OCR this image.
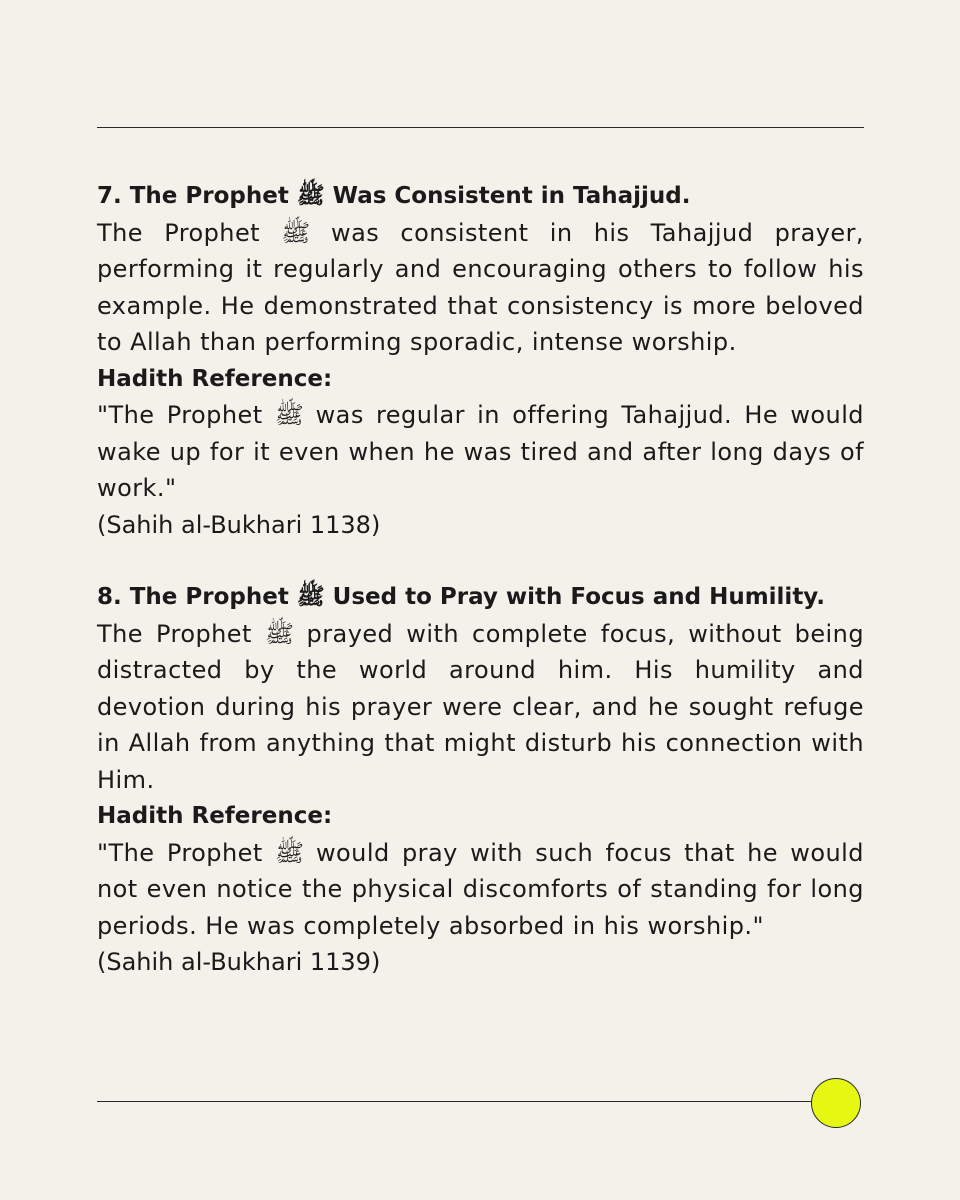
7. The Prophet ﷺ Was Consistent in Tahajjud.

The Prophet ﷺ was consistent in his Tahajjud prayer, performing it regularly and encouraging others to follow his example. He demonstrated that consistency is more beloved to Allah than performing sporadic, intense worship.

Hadith Reference:

"The Prophet ﷺ was regular in offering Tahajjud. He would wake up for it even when he was tired and after long days of work."

(Sahih al-Bukhari 1138)

8. The Prophet ﷺ Used to Pray with Focus and Humility.

The Prophet ﷺ prayed with complete focus, without being distracted by the world around him. His humility and devotion during his prayer were clear, and he sought refuge in Allah from anything that might disturb his connection with Him.

Hadith Reference:

"The Prophet ﷺ would pray with such focus that he would not even notice the physical discomforts of standing for long periods. He was completely absorbed in his worship."

(Sahih al-Bukhari 1139)
